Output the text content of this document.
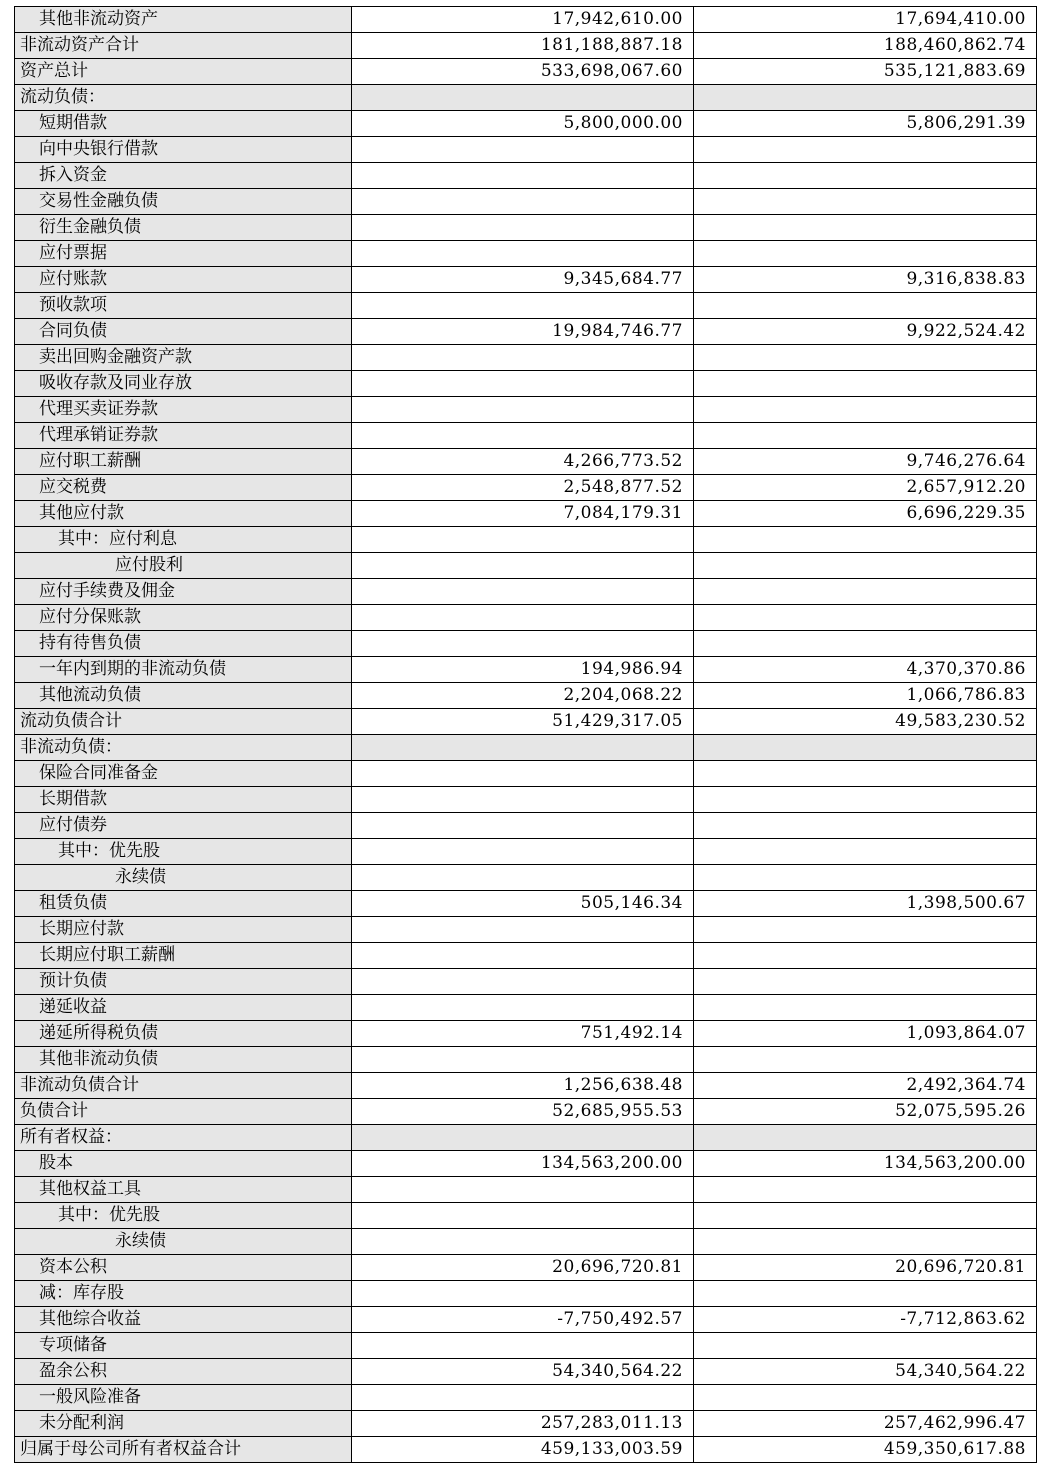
其他非流动资产	17,942,610.00	17,694,410.00
非流动资产合计	181,188,887.18	188,460,862.74
资产总计	533,698,067.60	535,121,883.69
流动负债：		
短期借款	5,800,000.00	5,806,291.39
向中央银行借款		
拆入资金		
交易性金融负债		
衍生金融负债		
应付票据		
应付账款	9,345,684.77	9,316,838.83
预收款项		
合同负债	19,984,746.77	9,922,524.42
卖出回购金融资产款		
吸收存款及同业存放		
代理买卖证券款		
代理承销证券款		
应付职工薪酬	4,266,773.52	9,746,276.64
应交税费	2,548,877.52	2,657,912.20
其他应付款	7,084,179.31	6,696,229.35
其中：应付利息		
应付股利		
应付手续费及佣金		
应付分保账款		
持有待售负债		
一年内到期的非流动负债	194,986.94	4,370,370.86
其他流动负债	2,204,068.22	1,066,786.83
流动负债合计	51,429,317.05	49,583,230.52
非流动负债：		
保险合同准备金		
长期借款		
应付债券		
其中：优先股		
永续债		
租赁负债	505,146.34	1,398,500.67
长期应付款		
长期应付职工薪酬		
预计负债		
递延收益		
递延所得税负债	751,492.14	1,093,864.07
其他非流动负债		
非流动负债合计	1,256,638.48	2,492,364.74
负债合计	52,685,955.53	52,075,595.26
所有者权益：		
股本	134,563,200.00	134,563,200.00
其他权益工具		
其中：优先股		
永续债		
资本公积	20,696,720.81	20,696,720.81
减：库存股		
其他综合收益	-7,750,492.57	-7,712,863.62
专项储备		
盈余公积	54,340,564.22	54,340,564.22
一般风险准备		
未分配利润	257,283,011.13	257,462,996.47
归属于母公司所有者权益合计	459,133,003.59	459,350,617.88
